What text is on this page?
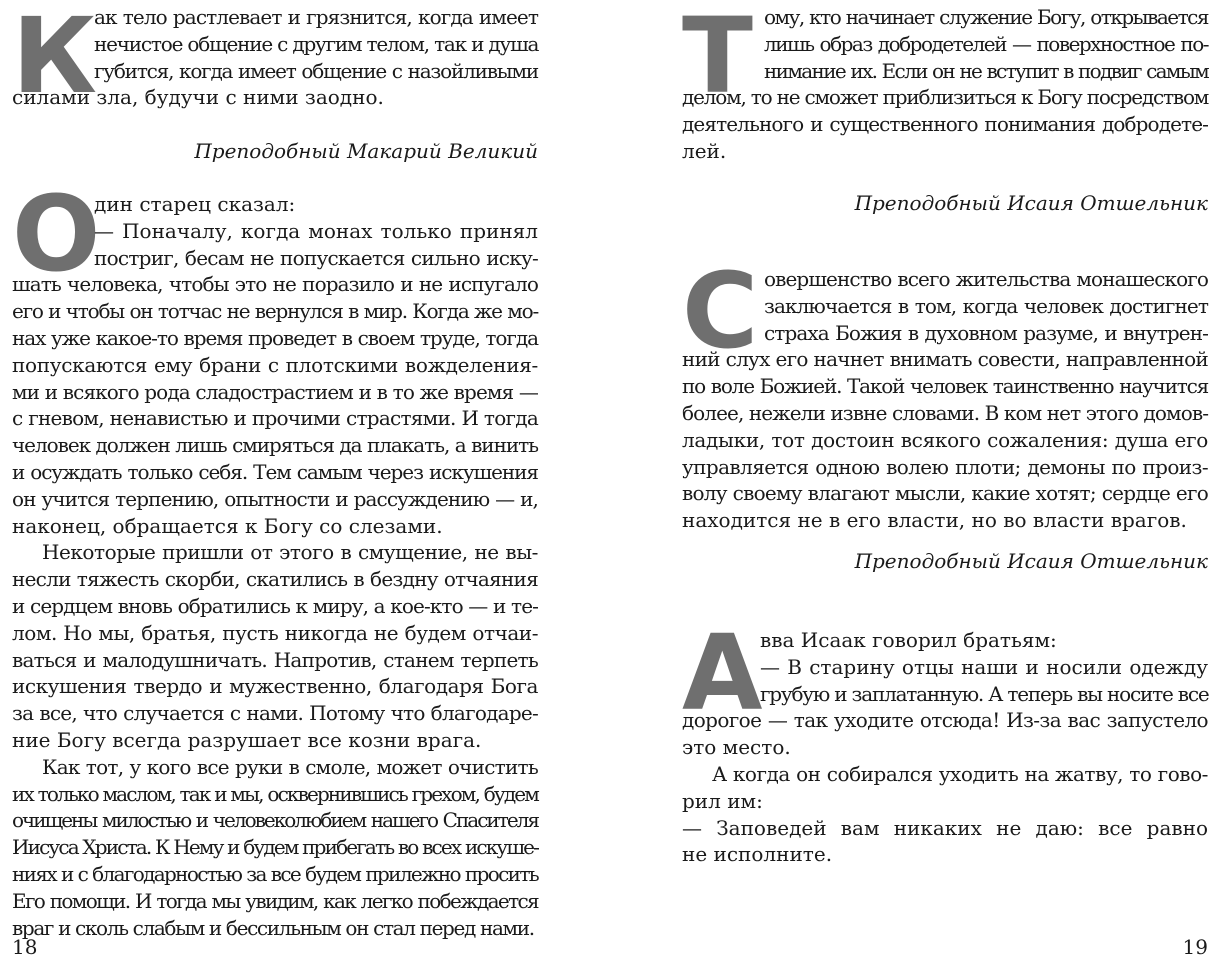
К
ак тело растлевает и грязнится, когда имеет
нечистое общение с другим телом, так и душа
губится, когда имеет общение с назойливыми
силами зла, будучи с ними заодно.
Преподобный Макарий Великий
О
дин старец сказал:
— Поначалу, когда монах только принял
постриг, бесам не попускается сильно иску-
шать человека, чтобы это не поразило и не испугало
его и чтобы он тотчас не вернулся в мир. Когда же мо-
нах уже какое-то время проведет в своем труде, тогда
попускаются ему брани с плотскими вожделения-
ми и всякого рода сладострастием и в то же время —
с гневом, ненавистью и прочими страстями. И тогда
человек должен лишь смиряться да плакать, а винить
и осуждать только себя. Тем самым через искушения
он учится терпению, опытности и рассуждению — и,
наконец, обращается к Богу со слезами.
Некоторые пришли от этого в смущение, не вы-
несли тяжесть скорби, скатились в бездну отчаяния
и сердцем вновь обратились к миру, а кое-кто — и те-
лом. Но мы, братья, пусть никогда не будем отчаи-
ваться и малодушничать. Напротив, станем терпеть
искушения твердо и мужественно, благодаря Бога
за все, что случается с нами. Потому что благодаре-
ние Богу всегда разрушает все козни врага.
Как тот, у кого все руки в смоле, может очистить
их только маслом, так и мы, осквернившись грехом, будем
очищены милостью и человеколюбием нашего Спасителя
Иисуса Христа. К Нему и будем прибегать во всех искуше-
ниях и с благодарностью за все будем прилежно просить
Его помощи. И тогда мы увидим, как легко побеждается
враг и сколь слабым и бессильным он стал перед нами.
18
Т ому, кто начинает служение Богу, открывается
лишь образ добродетелей — поверхностное по-
нимание их. Если он не вступит в подвиг самым
делом, то не сможет приблизиться к Богу посредством
деятельного и существенного понимания добродете-
лей.
Преподобный Исаия Отшельник
С овершенство всего жительства монашеского
заключается в том, когда человек достигнет
страха Божия в духовном разуме, и внутрен-
ний слух его начнет внимать совести, направленной
по воле Божией. Такой человек таинственно научится
более, нежели извне словами. В ком нет этого домов-
ладыки, тот достоин всякого сожаления: душа его
управляется одною волею плоти; демоны по произ-
волу своему влагают мысли, какие хотят; сердце его
находится не в его власти, но во власти врагов.
Преподобный Исаия Отшельник
А вва Исаак говорил братьям:
— В старину отцы наши и носили одежду
грубую и заплатанную. А теперь вы носите все
дорогое — так уходите отсюда! Из-за вас запустело
это место.
А когда он собирался уходить на жатву, то гово-
рил им:
— Заповедей вам никаких не даю: все равно
не исполните.
19
